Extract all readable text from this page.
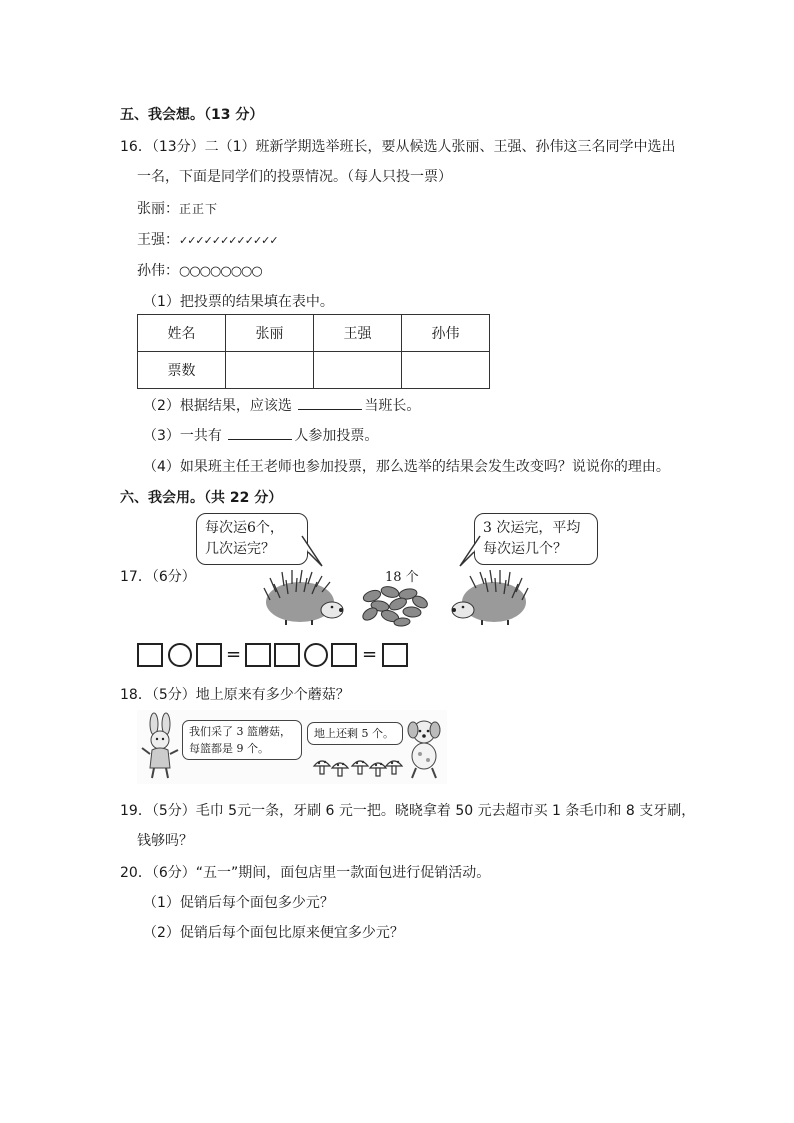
五、我会想。（13 分）
16．（13分）二（1）班新学期选举班长，要从候选人张丽、王强、孙伟这三名同学中选出
一名，下面是同学们的投票情况。（每人只投一票）
张丽：正正下
王强：✓✓✓✓✓✓✓✓✓✓✓✓
孙伟：○○○○○○○○
（1）把投票的结果填在表中。
姓名	张丽	王强	孙伟
票数			
（2）根据结果，应该选	当班长。
（3）一共有	人参加投票。
（4）如果班主任王老师也参加投票，那么选举的结果会发生改变吗？说说你的理由。
六、我会用。（共 22 分）
17．（6分）
每次运6个，
几次运完？
3 次运完，平均
每次运几个？
18 个
=	=
18．（5分）地上原来有多少个蘑菇？
我们采了 3 篮蘑菇，
每篮都是 9 个。
地上还剩 5 个。
19．（5分）毛巾 5元一条，牙刷 6 元一把。晓晓拿着 50 元去超市买 1 条毛巾和 8 支牙刷，
钱够吗？
20．（6分）“五一”期间，面包店里一款面包进行促销活动。
（1）促销后每个面包多少元？
（2）促销后每个面包比原来便宜多少元？
